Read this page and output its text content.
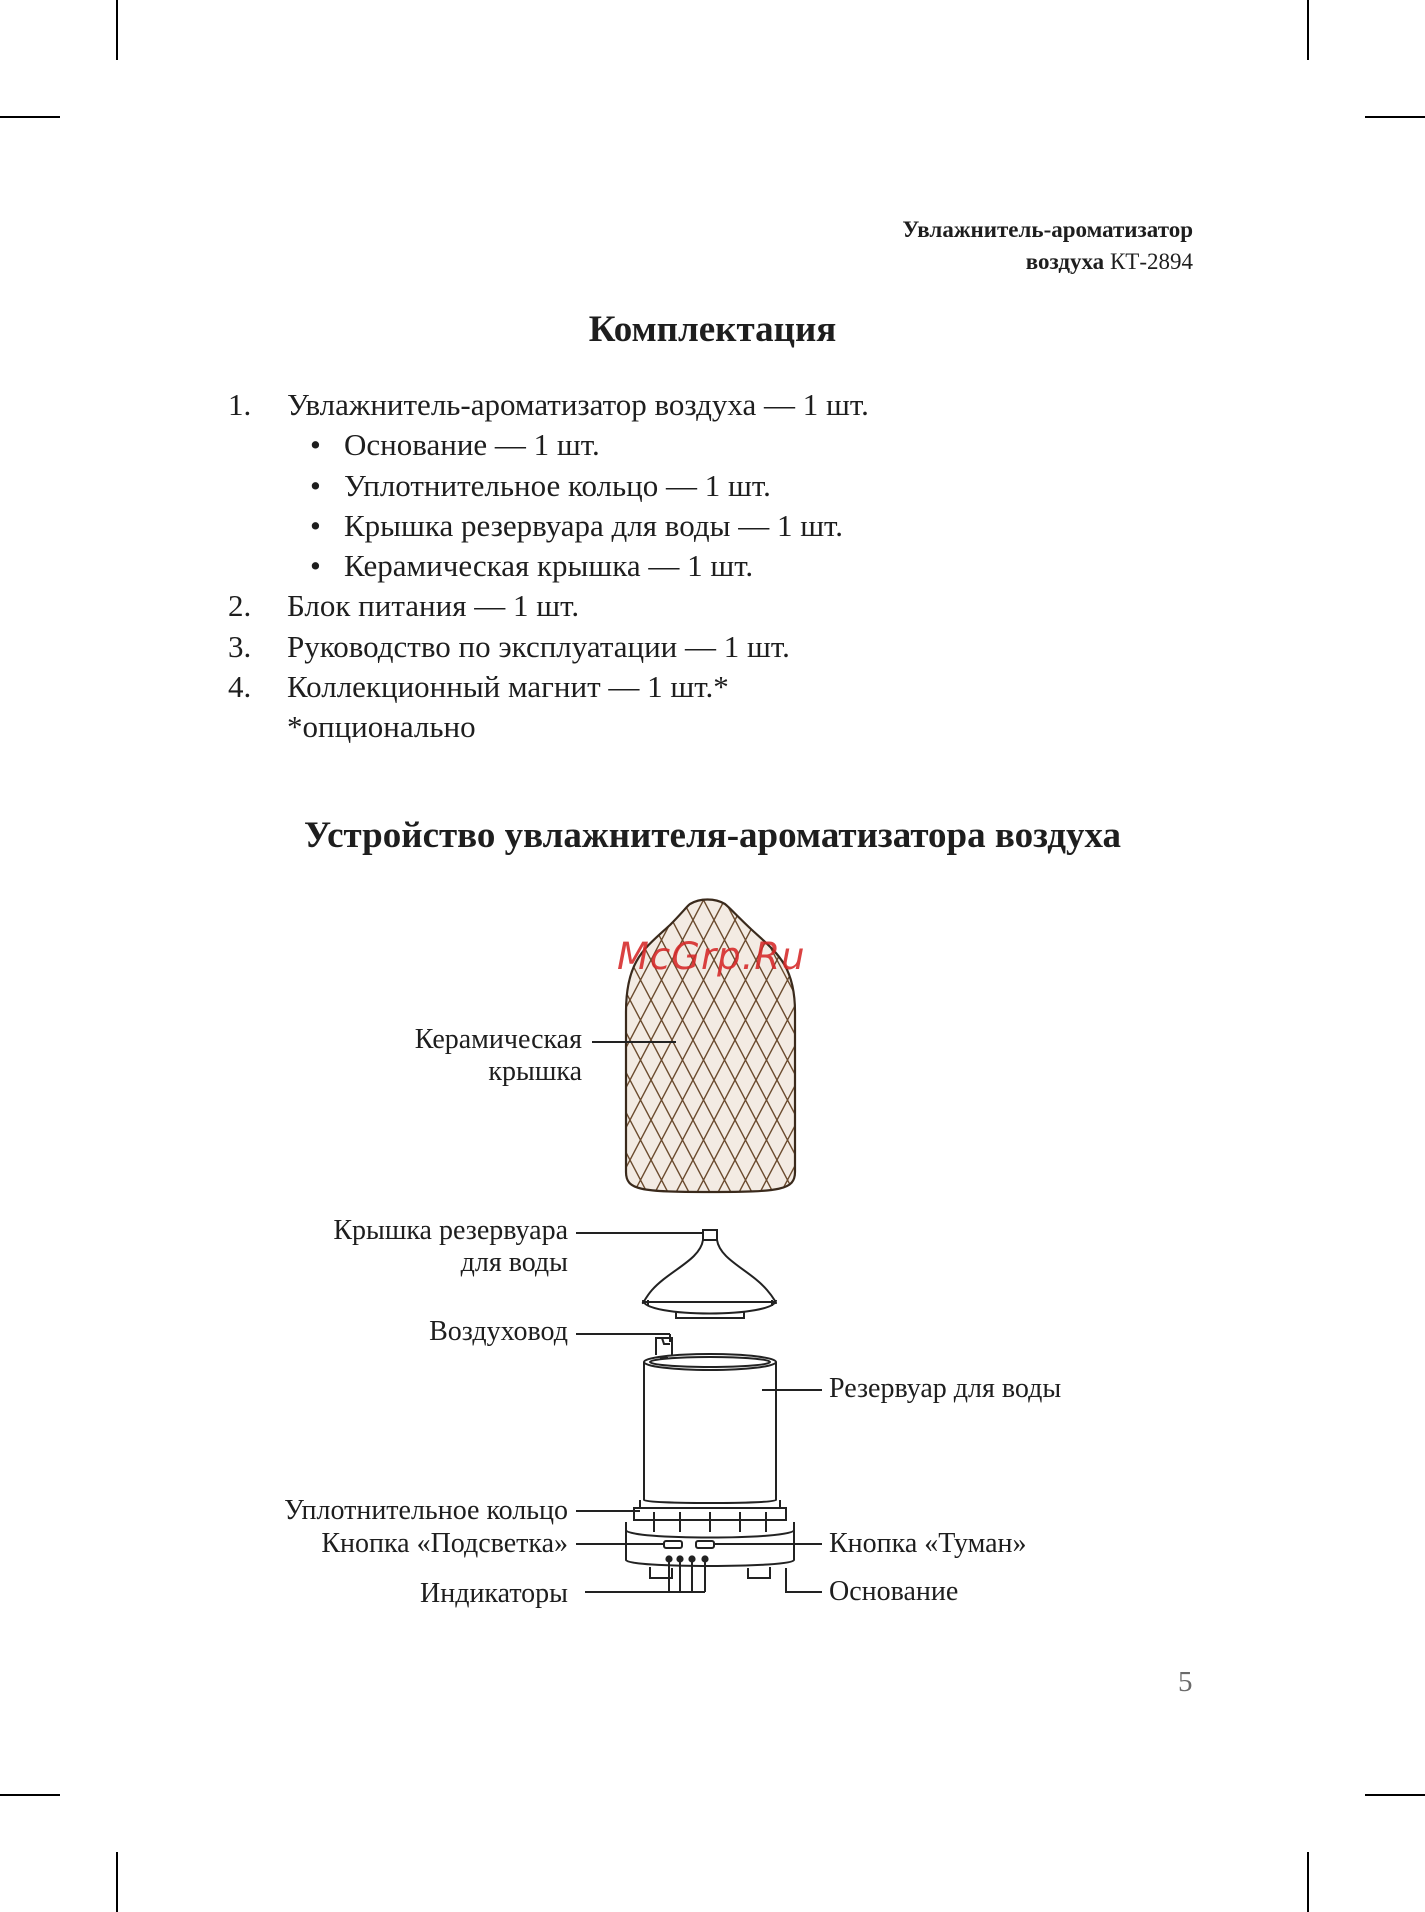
Увлажнитель-ароматизатор
воздуха КТ-2894
Комплектация
1. Увлажнитель-ароматизатор воздуха — 1 шт.
• Основание — 1 шт.
• Уплотнительное кольцо — 1 шт.
• Крышка резервуара для воды — 1 шт.
• Керамическая крышка — 1 шт.
2. Блок питания — 1 шт.
3. Руководство по эксплуатации — 1 шт.
4. Коллекционный магнит — 1 шт.*
*опционально
Устройство увлажнителя-ароматизатора воздуха
Керамическая
крышка
Крышка резервуара
для воды
Воздуховод
Резервуар для воды
Уплотнительное кольцо
Кнопка «Подсветка»	Кнопка «Туман»
Индикаторы	Основание
McGrp.Ru
5
